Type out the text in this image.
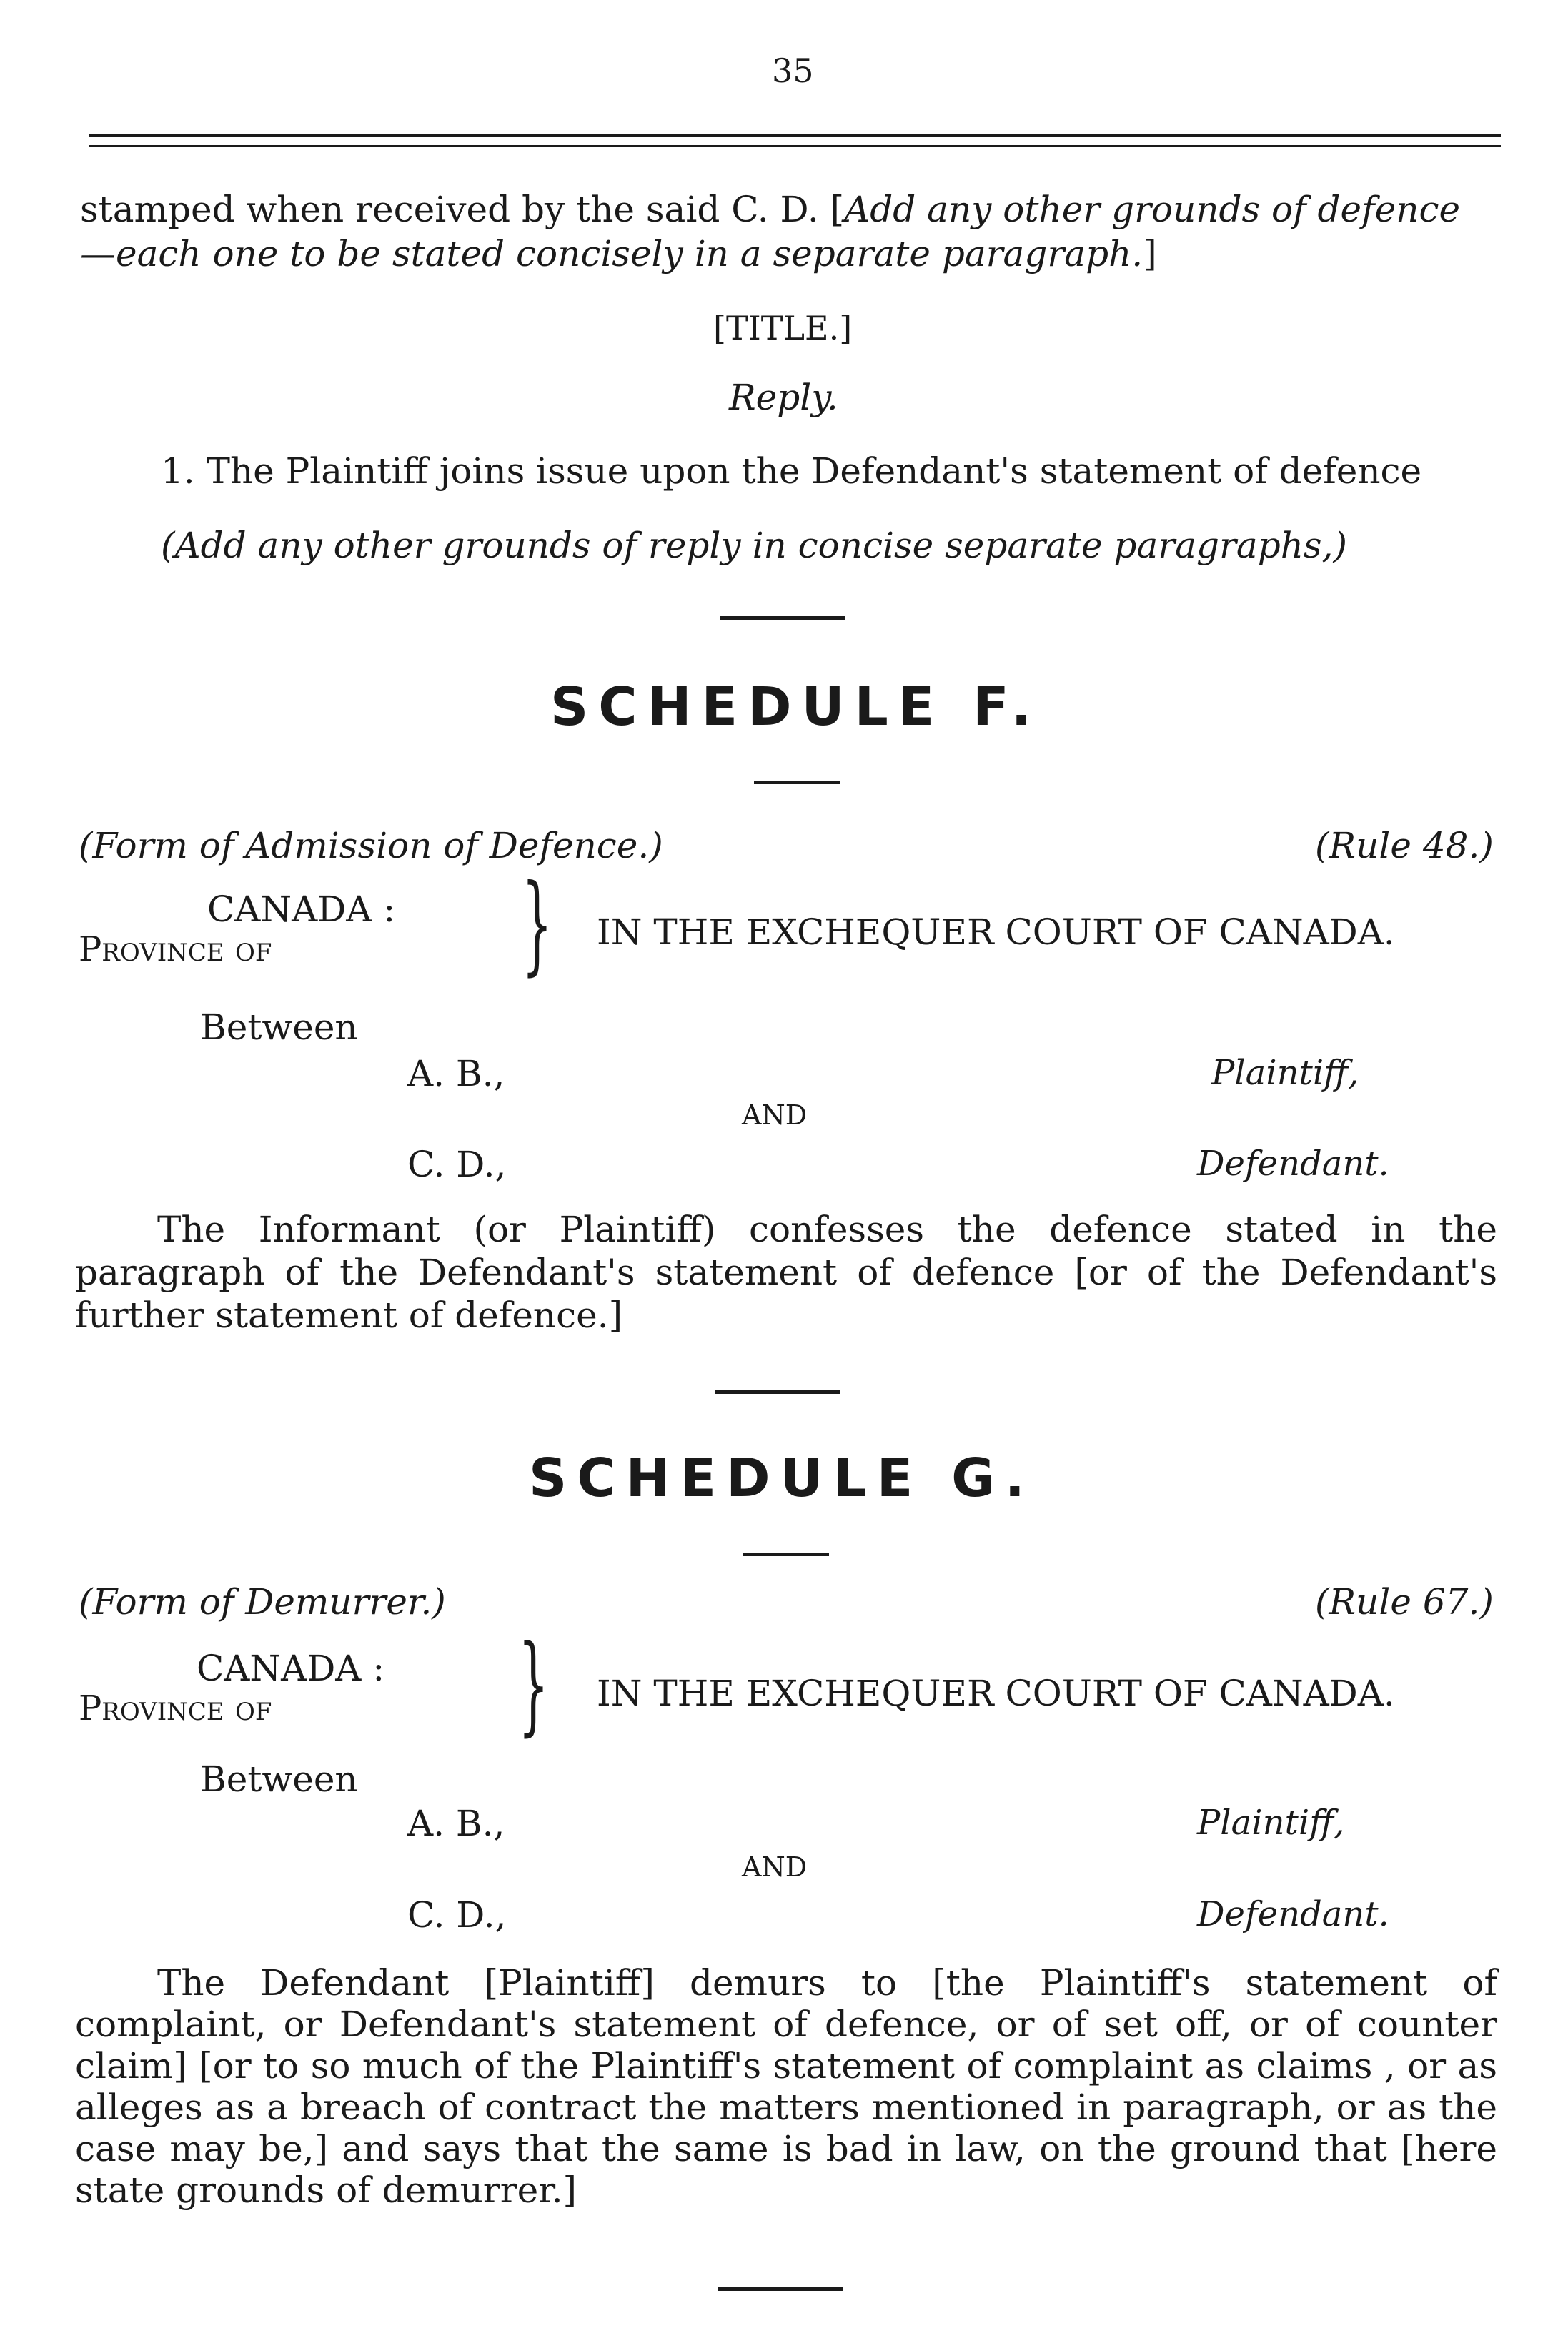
35
stamped when received by the said C. D. [Add any other grounds of defence
—each one to be stated concisely in a separate paragraph.]
[TITLE.]
Reply.
1. The Plaintiff joins issue upon the Defendant's statement of defence
(Add any other grounds of reply in concise separate paragraphs,)
SCHEDULE F.
(Form of Admission of Defence.)	(Rule 48.)
CANADA :
Province of } IN THE EXCHEQUER COURT OF CANADA.
Between
A. B.,	Plaintiff,
AND
C. D.,	Defendant.
The Informant (or Plaintiff) confesses the defence stated in the paragraph of the Defendant's statement of defence [or of the Defendant's further statement of defence.]
SCHEDULE G.
(Form of Demurrer.)	(Rule 67.)
CANADA :
Province of } IN THE EXCHEQUER COURT OF CANADA.
Between
A. B.,	Plaintiff,
AND
C. D.,	Defendant.
The Defendant [Plaintiff] demurs to [the Plaintiff's statement of complaint, or Defendant's statement of defence, or of set off, or of counter claim] [or to so much of the Plaintiff's statement of complaint as claims , or as alleges as a breach of contract the matters mentioned in paragraph, or as the case may be,] and says that the same is bad in law, on the ground that [here state grounds of demurrer.]
